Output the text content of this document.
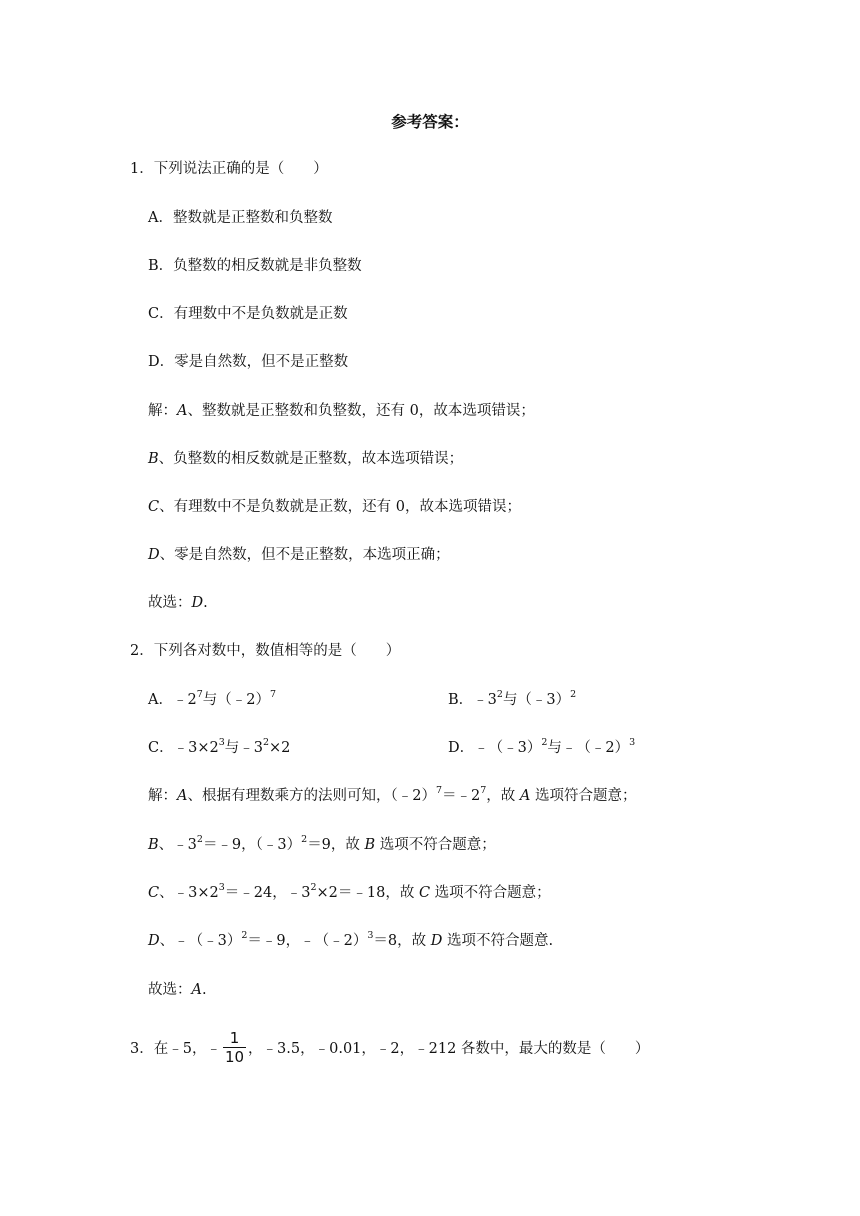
参考答案：
1．下列说法正确的是（　　）
A．整数就是正整数和负整数
B．负整数的相反数就是非负整数
C．有理数中不是负数就是正数
D．零是自然数，但不是正整数
解：A、整数就是正整数和负整数，还有 0，故本选项错误；
B、负整数的相反数就是正整数，故本选项错误；
C、有理数中不是负数就是正数，还有 0，故本选项错误；
D、零是自然数，但不是正整数，本选项正确；
故选：D.
2．下列各对数中，数值相等的是（　　）
A．$﹣2^7$与（﹣2）$^7$	B．$﹣3^2$与（﹣3）$^2$
C．$﹣3\times 2^3$与$﹣3^2\times 2$	D．﹣（﹣3）$^2$与﹣（﹣2）$^3$
解：A、根据有理数乘方的法则可知，$(﹣2)^7=﹣2^7$，故 A 选项符合题意；
B、$﹣3^2=﹣9$，（﹣3）$^2$＝9，故 B 选项不符合题意；
C、$﹣3\times 2^3=﹣24$，$﹣3^2\times 2=﹣18$，故 C 选项不符合题意；
D、﹣（﹣3）$^2$＝﹣9，﹣（﹣2）$^3$＝8，故 D 选项不符合题意.
故选：A.
3．在﹣5，﹣ $\frac{1}{10}$ ，﹣3.5，﹣0.01，﹣2，﹣212 各数中，最大的数是（　　）
